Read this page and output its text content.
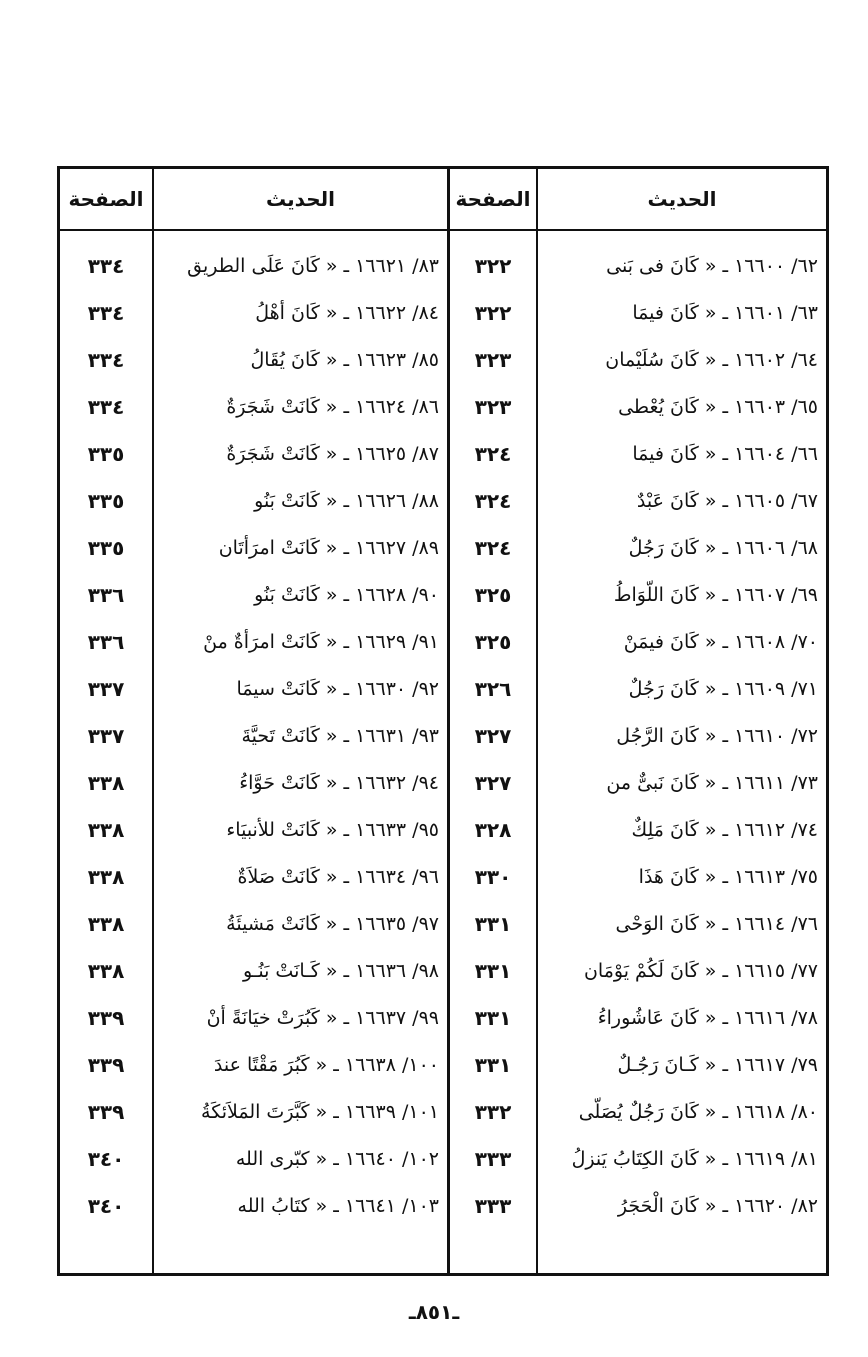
الصفحة	الحديث	الصفحة	الحديث
٣٣٤	٨٣/ ١٦٦٢١ ـ « كَانَ عَلَى الطريق	٣٢٢	٦٢/ ١٦٦٠٠ ـ « كَانَ فى بَنى
٣٣٤	٨٤/ ١٦٦٢٢ ـ « كَانَ أهْلُ	٣٢٢	٦٣/ ١٦٦٠١ ـ « كَانَ فيمَا
٣٣٤	٨٥/ ١٦٦٢٣ ـ « كَانَ يُقَالُ	٣٢٣	٦٤/ ١٦٦٠٢ ـ « كَانَ سُلَيْمان
٣٣٤	٨٦/ ١٦٦٢٤ ـ « كَانَتْ شَجَرَةٌ	٣٢٣	٦٥/ ١٦٦٠٣ ـ « كَانَ يُعْطى
٣٣٥	٨٧/ ١٦٦٢٥ ـ « كَانَتْ شَجَرَةٌ	٣٢٤	٦٦/ ١٦٦٠٤ ـ « كَانَ فيمَا
٣٣٥	٨٨/ ١٦٦٢٦ ـ « كَانَتْ بَنُو	٣٢٤	٦٧/ ١٦٦٠٥ ـ « كَانَ عَبْدٌ
٣٣٥	٨٩/ ١٦٦٢٧ ـ « كَانَتْ امرَأتَان	٣٢٤	٦٨/ ١٦٦٠٦ ـ « كَانَ رَجُلٌ
٣٣٦	٩٠/ ١٦٦٢٨ ـ « كَانَتْ بَنُو	٣٢٥	٦٩/ ١٦٦٠٧ ـ « كَانَ اللّوَاطُ
٣٣٦	٩١/ ١٦٦٢٩ ـ « كَانَتْ امرَأةٌ منْ	٣٢٥	٧٠/ ١٦٦٠٨ ـ « كَانَ فيمَنْ
٣٣٧	٩٢/ ١٦٦٣٠ ـ « كَانَتْ سيمَا	٣٢٦	٧١/ ١٦٦٠٩ ـ « كَانَ رَجُلٌ
٣٣٧	٩٣/ ١٦٦٣١ ـ « كَانَتْ تَحيَّةَ	٣٢٧	٧٢/ ١٦٦١٠ ـ « كَانَ الرَّجُل
٣٣٨	٩٤/ ١٦٦٣٢ ـ « كَانَتْ حَوَّاءُ	٣٢٧	٧٣/ ١٦٦١١ ـ « كَانَ نَبىٌّ من
٣٣٨	٩٥/ ١٦٦٣٣ ـ « كَانَتْ للأنبيَاء	٣٢٨	٧٤/ ١٦٦١٢ ـ « كَانَ مَلِكٌ
٣٣٨	٩٦/ ١٦٦٣٤ ـ « كَانَتْ صَلاَةٌ	٣٣٠	٧٥/ ١٦٦١٣ ـ « كَانَ هَذَا
٣٣٨	٩٧/ ١٦٦٣٥ ـ « كَانَتْ مَشيئَةُ	٣٣١	٧٦/ ١٦٦١٤ ـ « كَانَ الوَحْى
٣٣٨	٩٨/ ١٦٦٣٦ ـ « كَـانَتْ بَنُـو	٣٣١	٧٧/ ١٦٦١٥ ـ « كَانَ لَكُمْ يَوْمَان
٣٣٩	٩٩/ ١٦٦٣٧ ـ « كَبُرَتْ خيَانَةً أنْ	٣٣١	٧٨/ ١٦٦١٦ ـ « كَانَ عَاشُوراءُ
٣٣٩	١٠٠/ ١٦٦٣٨ ـ « كَبُرَ مَقْتًا عندَ	٣٣١	٧٩/ ١٦٦١٧ ـ « كَـانَ رَجُـلٌ
٣٣٩	١٠١/ ١٦٦٣٩ ـ « كَبَّرَتَ المَلاَئكَةُ	٣٣٢	٨٠/ ١٦٦١٨ ـ « كَانَ رَجُلٌ يُصَلّى
٣٤٠	١٠٢/ ١٦٦٤٠ ـ « كبّرى الله	٣٣٣	٨١/ ١٦٦١٩ ـ « كَانَ الكِتَابُ يَنزلُ
٣٤٠	١٠٣/ ١٦٦٤١ ـ « كتَابُ الله	٣٣٣	٨٢/ ١٦٦٢٠ ـ « كَانَ الْحَجَرُ
ـ٨٥١ـ
